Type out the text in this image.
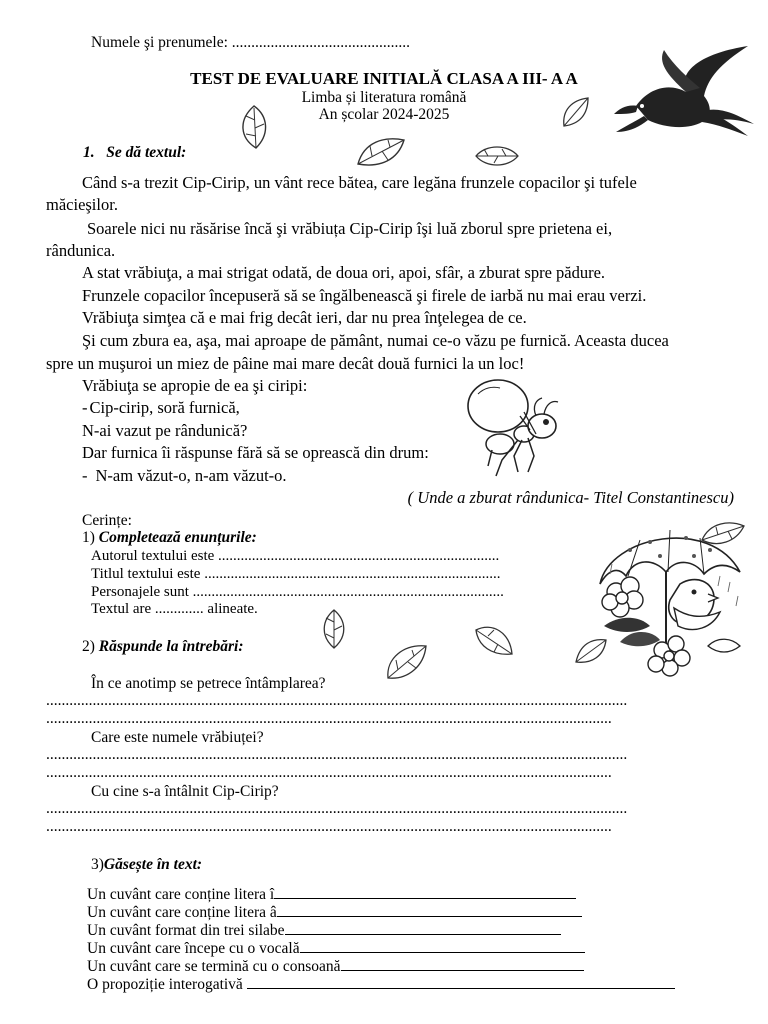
Numele şi prenumele: ..............................................
TEST DE EVALUARE INITIALĂ CLASA A III- A A
Limba și literatura română
An școlar 2024-2025
1. Se dă textul:
Când s-a trezit Cip-Cirip, un vânt rece bătea, care legăna frunzele copacilor şi tufele
măcieşilor.
Soarele nici nu răsărise încă şi vrăbiuța Cip-Cirip îşi luă zborul spre prietena ei,
rândunica.
A stat vrăbiuţa, a mai strigat odată, de doua ori, apoi, sfâr, a zburat spre pădure.
Frunzele copacilor începuseră să se îngălbenească şi firele de iarbă nu mai erau verzi.
Vrăbiuţa simţea că e mai frig decât ieri, dar nu prea înţelegea de ce.
Şi cum zbura ea, aşa, mai aproape de pământ, numai ce-o văzu pe furnică. Aceasta ducea
spre un muşuroi un miez de pâine mai mare decât două furnici la un loc!
Vrăbiuţa se apropie de ea şi ciripi:
- Cip-cirip, soră furnică,
N-ai vazut pe rândunică?
Dar furnica îi răspunse fără să se oprească din drum:
- N-am văzut-o, n-am văzut-o.
( Unde a zburat rândunica- Titel Constantinescu)
Cerințe:
1) Completează enunțurile:
Autorul textului este ...........................................................................
Titlul textului este ...............................................................................
Personajele sunt ...................................................................................
Textul are ............. alineate.
2) Răspunde la întrebări:
În ce anotimp se petrece întâmplarea?
......................................................................................................................................................
..................................................................................................................................................
Care este numele vrăbiuței?
......................................................................................................................................................
..................................................................................................................................................
Cu cine s-a întâlnit Cip-Cirip?
......................................................................................................................................................
..................................................................................................................................................
3)Găsește în text:
Un cuvânt care conține litera î
Un cuvânt care conține litera â
Un cuvânt format din trei silabe
Un cuvânt care începe cu o vocală
Un cuvânt care se termină cu o consoană
O propoziție interogativă
